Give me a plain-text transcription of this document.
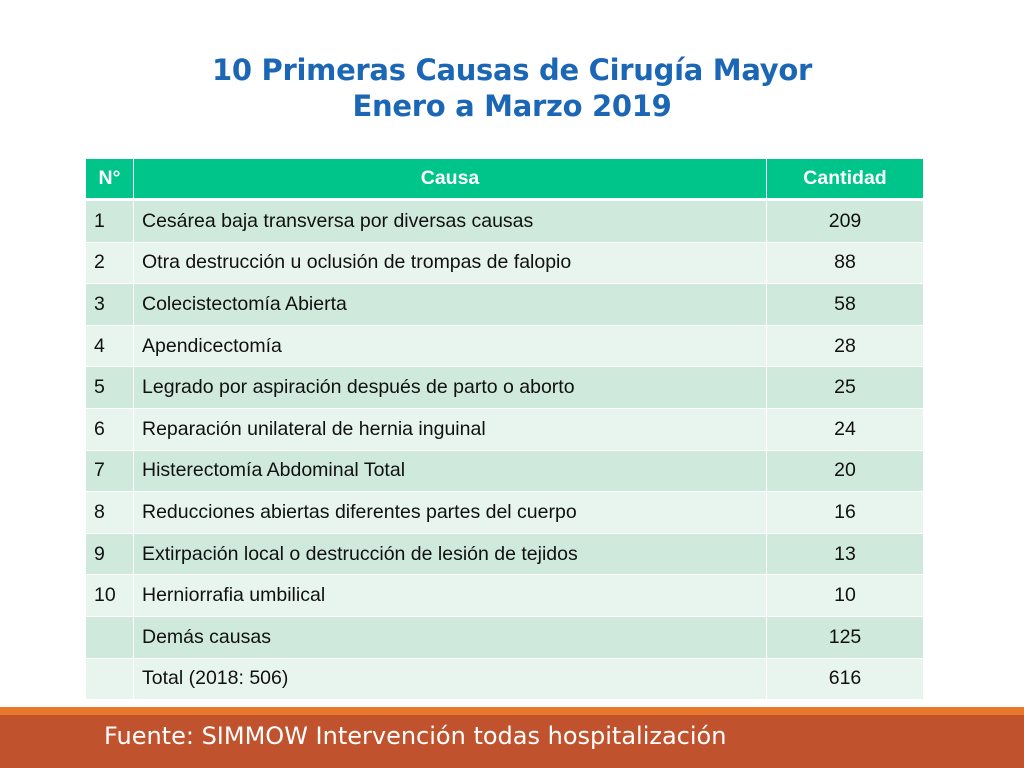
10 Primeras Causas de Cirugía Mayor
Enero a Marzo 2019
N°	Causa	Cantidad
1	Cesárea baja transversa por diversas causas	209
2	Otra destrucción u oclusión de trompas de falopio	88
3	Colecistectomía Abierta	58
4	Apendicectomía	28
5	Legrado por aspiración después de parto o aborto	25
6	Reparación unilateral de hernia inguinal	24
7	Histerectomía Abdominal Total	20
8	Reducciones abiertas diferentes partes del cuerpo	16
9	Extirpación local o destrucción de lesión de tejidos	13
10	Herniorrafia umbilical	10
	Demás causas	125
	Total (2018: 506)	616
Fuente: SIMMOW Intervención todas hospitalización
